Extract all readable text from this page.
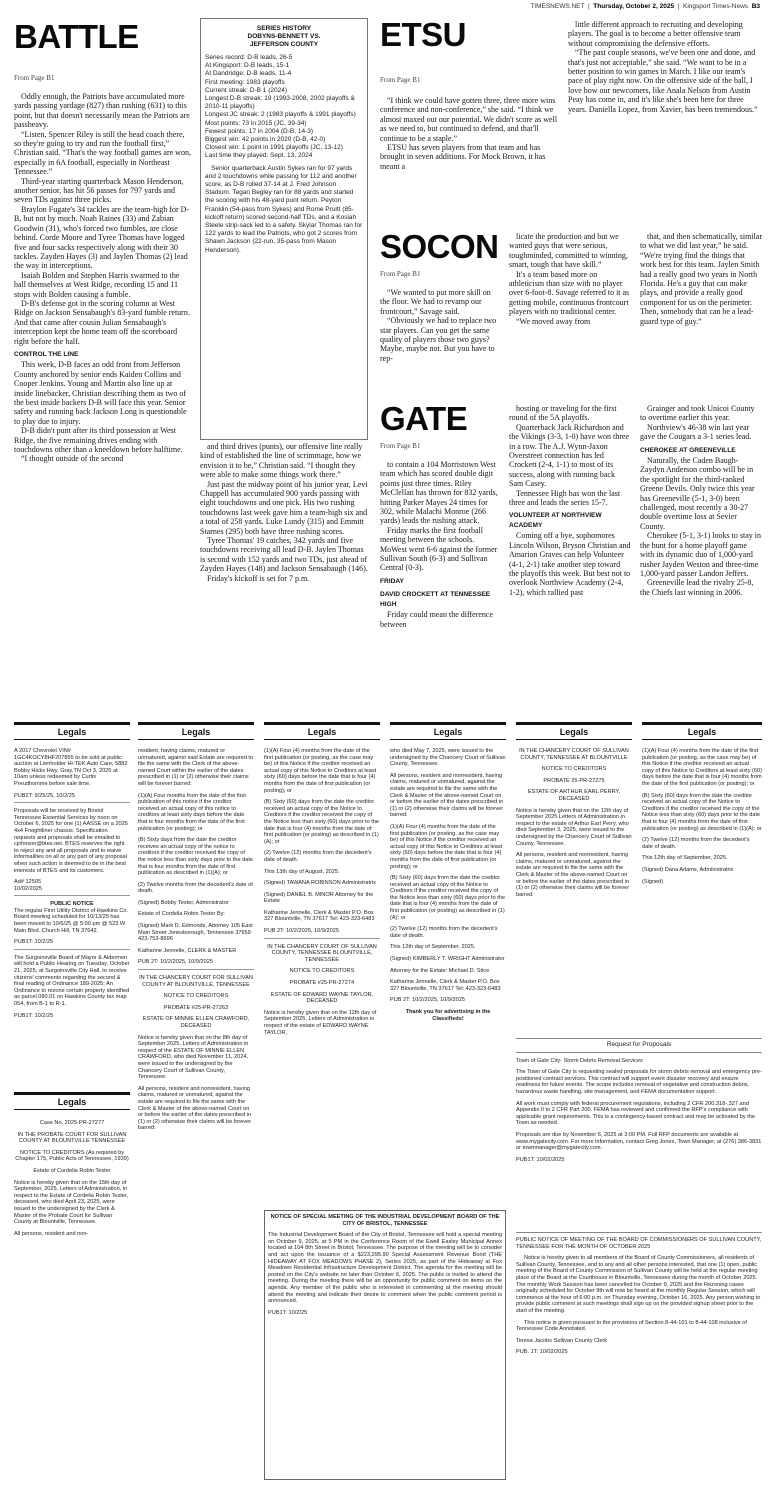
TIMESNEWS.NET  |  Thursday, October 2, 2025  |  Kingsport Times-News B3
BATTLE
From Page B1

Oddly enough, the Patriots have accumulated more yards passing yardage (827) than rushing (631) to this point, but that doesn't necessarily mean the Patriots are passheavy.

“Listen, Spencer Riley is still the head coach there, so they're going to try and run the football first,” Christian said. “That's the way football games are won, especially in 6A football, especially in Northeast Tennessee.”

Third-year starting quarterback Mason Henderson, another senior, has hit 56 passes for 797 yards and seven TDs against three picks.

Braylon Fugate's 34 tackles are the team-high for D-B, but not by much. Noah Raines (33) and Zabian Goodwin (31), who's forced two fumbles, are close behind. Corde Moore and Tyree Thomas have logged five and four sacks respectively along with their 30 tackles. Zayden Hayes (3) and Jaylen Thomas (2) lead the way in interceptions.

Isaiah Bolden and Stephen Harris swarmed to the ball themselves at West Ridge, recording 15 and 11 stops with Bolden causing a fumble.

D-B's defense got in the scoring column at West Ridge on Jackson Sensabaugh's 83-yard fumble return. And that came after cousin Julian Sensabaugh's interception kept the home team off the scoreboard right before the half.

CONTROL THE LINE

This week, D-B faces an odd front from Jefferson County anchored by senior ends Kaiden Collins and Cooper Jenkins. Young and Martin also line up at inside linebacker, Christian describing them as two of the best inside backers D-B will face this year. Senior safety and running back Jackson Long is questionable to play due to injury.

D-B didn't punt after its third possession at West Ridge, the five remaining drives ending with touchdowns other than a kneeldown before halftime.

“I thought outside of the second

SERIES HISTORY
DOBYNS-BENNETT VS.
JEFFERSON COUNTY

Series record: D-B leads, 26-5

At Kingsport: D-B leads, 15-1

At Dandridge: D-B leads, 11-4

First meeting: 1983 playoffs

Current streak: D-B 1 (2024)

Longest D-B streak: 19 (1993-2008, 2002 playoffs & 2010-11 playoffs)

Longest JC streak: 2 (1983 playoffs & 1991 playoffs)

Most points: 73 in 2015 (JC, 39-34)

Fewest points: 17 in 2004 (D-B, 14-3)

Biggest win: 42 points in 2020 (D-B, 42-0)

Closest win: 1 point in 1991 playoffs (JC, 13-12)

Last time they played: Sept. 13, 2024

Senior quarterback Austin Sykes ran for 97 yards and 2 touchdowns while passing for 112 and another score, as D-B rolled 37-14 at J. Fred Johnson Stadium. Tegan Begley ran for 88 yards and started the scoring with his 48-yard punt return. Peyton Franklin (54-pass from Sykes) and Rome Pruitt (85-kickoff return) scored second-half TDs, and a Kosiah Steele strip-sack led to a safety. Skylar Thomas ran for 122 yards to lead the Patriots, who got 2 scores from Shawn Jackson (22-run, 35-pass from Mason Henderson).

and third drives (punts), our offensive line really kind of established the line of scrimmage, how we envision it to be,” Christian said. “I thought they were able to make some things work there.”

Just past the midway point of his junior year, Levi Chappell has accumulated 900 yards passing with eight touchdowns and one pick. His two rushing touchdowns last week gave him a team-high six and a total of 258 yards. Luke Lundy (315) and Emmitt Starnes (295) both have three rushing scores.

Tyree Thomas' 19 catches, 342 yards and five touchdowns receiving all lead D-B. Jaylen Thomas is second with 152 yards and two TDs, just ahead of Zayden Hayes (148) and Jackson Sensabaugh (146).

Friday's kickoff is set for 7 p.m.

ETSU
From Page B1

“I think we could have gotten three, three more wins conference and non-conference,” she said. “I think we almost maxed out our potential. We didn't score as well as we need to, but continued to defend, and that'll continue to be a staple.”

ETSU has seven players from that team and has brought in seven additions. For Mock Brown, it has meant a

little different approach to recruiting and developing players. The goal is to become a better offensive team without compromising the defensive efforts.

“The past couple seasons, we've been one and done, and that's just not acceptable,” she said. “We want to be in a better position to win games in March. I like our team's pace of play right now. On the offensive side of the ball, I love how our newcomers, like Anala Nelson from Austin Peay has come in, and it's like she's been here for three years. Daniella Lopez, from Xavier, has been tremendous.”

SOCON
From Page B1

“We wanted to put more skill on the floor. We had to revamp our frontcourt,” Savage said.

“Obviously we had to replace two star players. Can you get the same quality of players those two guys? Maybe, maybe not. But you have to rep-

licate the production and but we wanted guys that were serious, toughminded, committed to winning, smart, tough that have skill.”

It's a team based more on athleticism than size with no player over 6-foot-8. Savage referred to it as getting mobile, continuous frontcourt players with no traditional center.

“We moved away from

that, and then schematically, similar to what we did last year,” he said. “We're trying find the things that work best for this team. Jaylen Smith had a really good two years in North Florida. He's a guy that can make plays, and provide a really good component for us on the perimeter. Then, somebody that can be a lead-guard type of guy.”

GATE
From Page B1

to contain a 104 Morristown West team which has scored double digit points just three times. Riley McClellan has thrown for 832 yards, hitting Parker Mayes 24 times for 302, while Malachi Monroe (266 yards) leads the rushing attack.

Friday marks the first football meeting between the schools. MoWest went 6-6 against the former Sullivan South (6-3) and Sullivan Central (0-3).

FRIDAY
DAVID CROCKETT AT TENNESSEE HIGH

Friday could mean the difference between

hosting or traveling for the first round of the 5A playoffs.

Quarterback Jack Richardson and the Vikings (3-3, 1-0) have won three in a row. The A.J. Wynn-Jaxon Overstreet connection has led Crockett (2-4, 1-1) to most of its success, along with running back Sam Casey.

Tennessee High has won the last three and leads the series 15-7.

VOLUNTEER AT NORTHVIEW ACADEMY

Coming off a bye, sophomores Lincoln Wilson, Bryson Christian and Amarion Graves can help Volunteer (4-1, 2-1) take another step toward the playoffs this week. But best not to overlook Northview Academy (2-4, 1-2), which rallied past

Grainger and took Unicoi County to overtime earlier this year.

Northview's 46-38 win last year gave the Cougars a 3-1 series lead.

CHEROKEE AT GREENEVILLE

Naturally, the Caden Baugh-Zaydyn Anderson combo will be in the spotlight for the third-ranked Greene Devils. Only twice this year has Greeneville (5-1, 3-0) been challenged, most recently a 30-27 double overtime loss at Sevier County.

Cherokee (5-1, 3-1) looks to stay in the hunt for a home playoff game with its dynamic duo of 1,000-yard rusher Jayden Weston and three-time 1,000-yard passer Landon Jeffers.

Greeneville lead the rivalry 25-8, the Chiefs last winning in 2006.

Legals	Legals	Legals	Legals	Legals	Legals

A 2017 Chevrolet VIN# 1GC4KOCY8HF207855 to be sold at public auction at Lienholder Hi-TEK Auto Care, 5882 Bobby Hicks Hwy, Gray,TN Oct 3, 2025 at 10am unless redeemed by Curtis Preudhomme before sale time.

PUB2T: 9/25/25, 10/2/25

Proposals will be received by Bristol Tennessee Essential Services by noon on October 6, 2025 for one (1) AASSE on a 2025 4x4 Freightliner chassis. Specification requests and proposals shall be emailed to cjohnson@btes.net. BTES reserves the right to reject any and all proposals and to waive informalities on all or any part of any proposal when such action is deemed to be in the best interests of BTES and its customers.

Ad# 12505

10/02/2025

PUBLIC NOTICE

The regular First Utility District of Hawkins Co. Board meeting scheduled for 10/13/25 has been moved to 10/6/25 @ 5:00 pm @ 523 W Main Blvd. Church Hill, TN 37642.

PUB1T: 10/2/25

The Surgoinsville Board of Mayor & Aldermen will hold a Public Hearing on Tuesday, October 21, 2025, at Surgoinsville City Hall, to receive citizens' comments regarding the second & final reading of Ordinance 189-2025; An Ordinance to rezone certain property identified as parcel 080.01 on Hawkins County tax map 054, from B-1 to R-1.

PUB1T: 10/2/25

Legals

Case No. 2025-PR-27277

IN THE PROBATE COURT FOR SULLIVAN COUNTY AT BLOUNTVILLE TENNESSEE

NOTICE TO CREDITORS (As required by Chapter 175, Public Acts of Tennessee, 1939)

Estate of Cordelia Robin Tester

Notice is hereby given that on the 15th day of September, 2025, Letters of Administration, in respect to the Estate of Cordelia Robin Tester, deceased, who died April 23, 2025, were issued to the undersigned by the Clerk & Master of the Probate Court for Sullivan County at Blountville, Tennessee.

All persons, resident and non-

resident, having claims, matured or unmatured, against said Estate are required to file the same with the Clerk of the above-named Court within the earlier of the dates prescribed in (1) or (2) otherwise their claims will be forever barred:

(1)(A) Four months from the date of the first publication of this notice if the creditor received an actual copy of this notice to creditors at least sixty days before the date that is four months from the date of the first publication (or posting); or

(B) Sixty days from the date the creditor receives an actual copy of the notice to creditors if the creditor received the copy of the notice less than sixty days prior to the date that is four months from the date of first publication as described in (1)(A); or

(2) Twelve months from the decedent's date of death.

(Signed) Bobby Tester, Administrator

Estate of Cordelia Robin Tester By:

(Signed) Mark D. Edmonds, Attorney 105 East Main Street Jonesborough, Tennessee 37659 423-753-8696

Katharine Jennelle, CLERK & MASTER

PUB 2T: 10/2/2025, 10/9/2025

IN THE CHANCERY COURT FOR SULLIVAN COUNTY AT BLOUNTVILLE, TENNESSEE

NOTICE TO CREDITORS

PROBATE #25-PR-27263

ESTATE OF MINNIE ELLEN CRAWFORD, DECEASED

Notice is hereby given that on the 8th day of September 2025, Letters of Administration in respect of the ESTATE OF MINNIE ELLEN CRAWFORD, who died November 11, 2024, were issued to the undersigned by the Chancery Court of Sullivan County, Tennessee.

All persons, resident and nonresident, having claims, matured or unmatured, against the estate are required to file the same with the Clerk & Master of the above-named Court on or before the earlier of the dates prescribed in (1) or (2) otherwise their claims will be forever barred:

(1)(A) Four (4) months from the date of the first publication (or posting, as the case may be) of this Notice if the creditor received an actual copy of this Notice to Creditors at least sixty (60) days before the date that is four (4) months from the date of first publication (or posting); or

(B) Sixty (60) days from the date the creditor received an actual copy of the Notice to Creditors if the creditor received the copy of the Notice less than sixty (60) days prior to the date that is four (4) months from the date of first publication (or posting) as described in (1)(A); or

(2) Twelve (12) months from the decedent's date of death.

This 13th day of August, 2025.

(Signed) TAWANA ROBINSON Administratrix

(Signed) DANIEL B. MINOR Attorney for the Estate

Katharine Jennelle, Clerk & Master P.O. Box 327 Blountville, TN 37617 Tel: 423-323-6483

PUB 2T: 10/2/2025, 10/9/2025

IN THE CHANCERY COURT OF SULLIVAN COUNTY, TENNESSEE BLOUNTVILLE, TENNESSEE

NOTICE TO CREDITORS

PROBATE #25-PR-27274

ESTATE OF EDWARD WAYNE TAYLOR, DECEASED

Notice is hereby given that on the 12th day of September 2025, Letters of Administration in respect of the estate of EDWARD WAYNE TAYLOR,

who died May 7, 2025, were issued to the undersigned by the Chancery Court of Sullivan County, Tennessee.

All persons, resident and nonresident, having claims, matured or unmatured, against the estate are required to file the same with the Clerk & Master of the above-named Court on or before the earlier of the dates prescribed in (1) or (2) otherwise their claims will be forever barred:

(1)(A) Four (4) months from the date of the first publication (or posting, as the case may be) of this Notice if the creditor received an actual copy of this Notice to Creditors at least sixty (60) days before the date that is four (4) months from the date of first publication (or posting); or

(B) Sixty (60) days from the date the creditor received an actual copy of the Notice to Creditors if the creditor received the copy of the Notice less than sixty (60) days prior to the date that is four (4) months from the date of first publication (or posting) as described in (1)(A); or

(2) Twelve (12) months from the decedent's date of death.

This 12th day of September, 2025.

(Signed) KIMBERLY T. WRIGHT Administrator

Attorney for the Estate: Michael D. Stice

Katharine Jennelle, Clerk & Master P.O. Box 327 Blountville, TN 37617 Tel: 423-323-6483

PUB 2T: 10/2/2025, 10/9/2025

Thank you for advertising in the Classifieds!

IN THE CHANCERY COURT OF SULLIVAN COUNTY, TENNESSEE AT BLOUNTVILLE

NOTICE TO CREDITORS

PROBATE 25-PR-27275

ESTATE OF ARTHUR EARL PERRY, DECEASED

Notice is hereby given that on the 12th day of September 2025 Letters of Administration in respect to the estate of Arthur Earl Perry, who died September 3, 2025, were issued to the undersigned by the Chancery Court of Sullivan County, Tennessee.

All persons, resident and nonresident, having claims, matured or unmatured, against the estate are required to file the same with the Clerk & Master of the above-named Court on or before the earlier of the dates prescribed in (1) or (2) otherwise their claims will be forever barred:

(1)(A) Four (4) months from the date of the first publication (or posting, as the case may be) of this Notice if the creditor received an actual copy of this Notice to Creditors at least sixty (60) days before the date that is four (4) months from the date of the first publication (or posting); or

(B) Sixty (60) days from the date the creditor received an actual copy of the Notice to Creditors if the creditor received the copy of the Notice less than sixty (60) days prior to the date that is four (4) months from the date of first publication (or posting) as described in (1)(A); or

(2) Twelve (12) months from the decedent's date of death.

This 12th day of September, 2025.

(Signed) Dana Adams, Administratrix

(Signed)

Request for Proposals

Town of Gate City- Storm Debris Removal Services

The Town of Gate City is requesting sealed proposals for storm debris removal and emergency pre-positioned contract services. This contract will support event disaster recovery and ensure readiness for future events. The scope includes removal of vegetative and construction debris, hazardous waste handling, site management, and FEMA documentation support.

All work must comply with federal procurement regulations, including 2 CFR 200.318-.327 and Appendix II to 2 CFR Part 200. FEMA has reviewed and confirmed the RFP's compliance with applicable grant requirements. This is a contingency-based contract and may be activated by the Town as needed.

Proposals are due by November 6, 2025 at 3:00 PM. Full RFP documents are available at www.mygatecity.com. For more information, contact Greg Jones, Town Manager, at (276) 386-3831 or townmanager@mygatecity.com.

PUB1T: 10/02/2025

PUBLIC NOTICE OF MEETING OF THE BOARD OF COMMISSIONERS OF SULLIVAN COUNTY, TENNESSEE FOR THE MONTH OF OCTOBER 2025

Notice is hereby given to all members of the Board of County Commissioners, all residents of Sullivan County, Tennessee, and to any and all other persons interested, that one (1) open, public meeting of the Board of County Commission of Sullivan County will be held at the regular meeting place of the Board at the Courthouse in Blountville, Tennessee during the month of October 2025. The monthly Work Session has been cancelled for October 9, 2025 and the Rezoning cases originally scheduled for October 9th will now be heard at the monthly Regular Session, which will commence at the hour of 6:00 p.m. on Thursday evening, October 16, 2025. Any person wishing to provide public comment at such meetings shall sign up on the provided signup sheet prior to the start of the meeting.

This notice is given pursuant to the provisions of Section 8-44-101 to 8-44-108 inclusive of Tennessee Code Annotated.

Teresa Jacobs Sullivan County Clerk

PUB. 1T: 10/02/2025

NOTICE OF SPECIAL MEETING OF THE INDUSTRIAL DEVELOPMENT BOARD OF THE CITY OF BRISTOL, TENNESSEE

The Industrial Development Board of the City of Bristol, Tennessee will hold a special meeting on October 9, 2025, at 5 PM in the Conference Room of the Ewell Easley Municipal Annex located at 104 8th Street in Bristol, Tennessee. The purpose of the meeting will be to consider and act upon the issuance of a $223,295.90 Special Assessment Revenue Bond (THE HIDEAWAY AT FOX MEADOWS PHASE 2), Series 2025, as part of the Hideaway at Fox Meadows Residential Infrastructure Development District. The agenda for the meeting will be posted on the City's website no later than October 6, 2025. The public is invited to attend the meeting. During the meeting there will be an opportunity for public comment on items on the agenda. Any member of the public who is interested in commenting at the meeting should attend the meeting and indicate their desire to comment when the public comment period is announced.

PUB1T: 10/2/25
